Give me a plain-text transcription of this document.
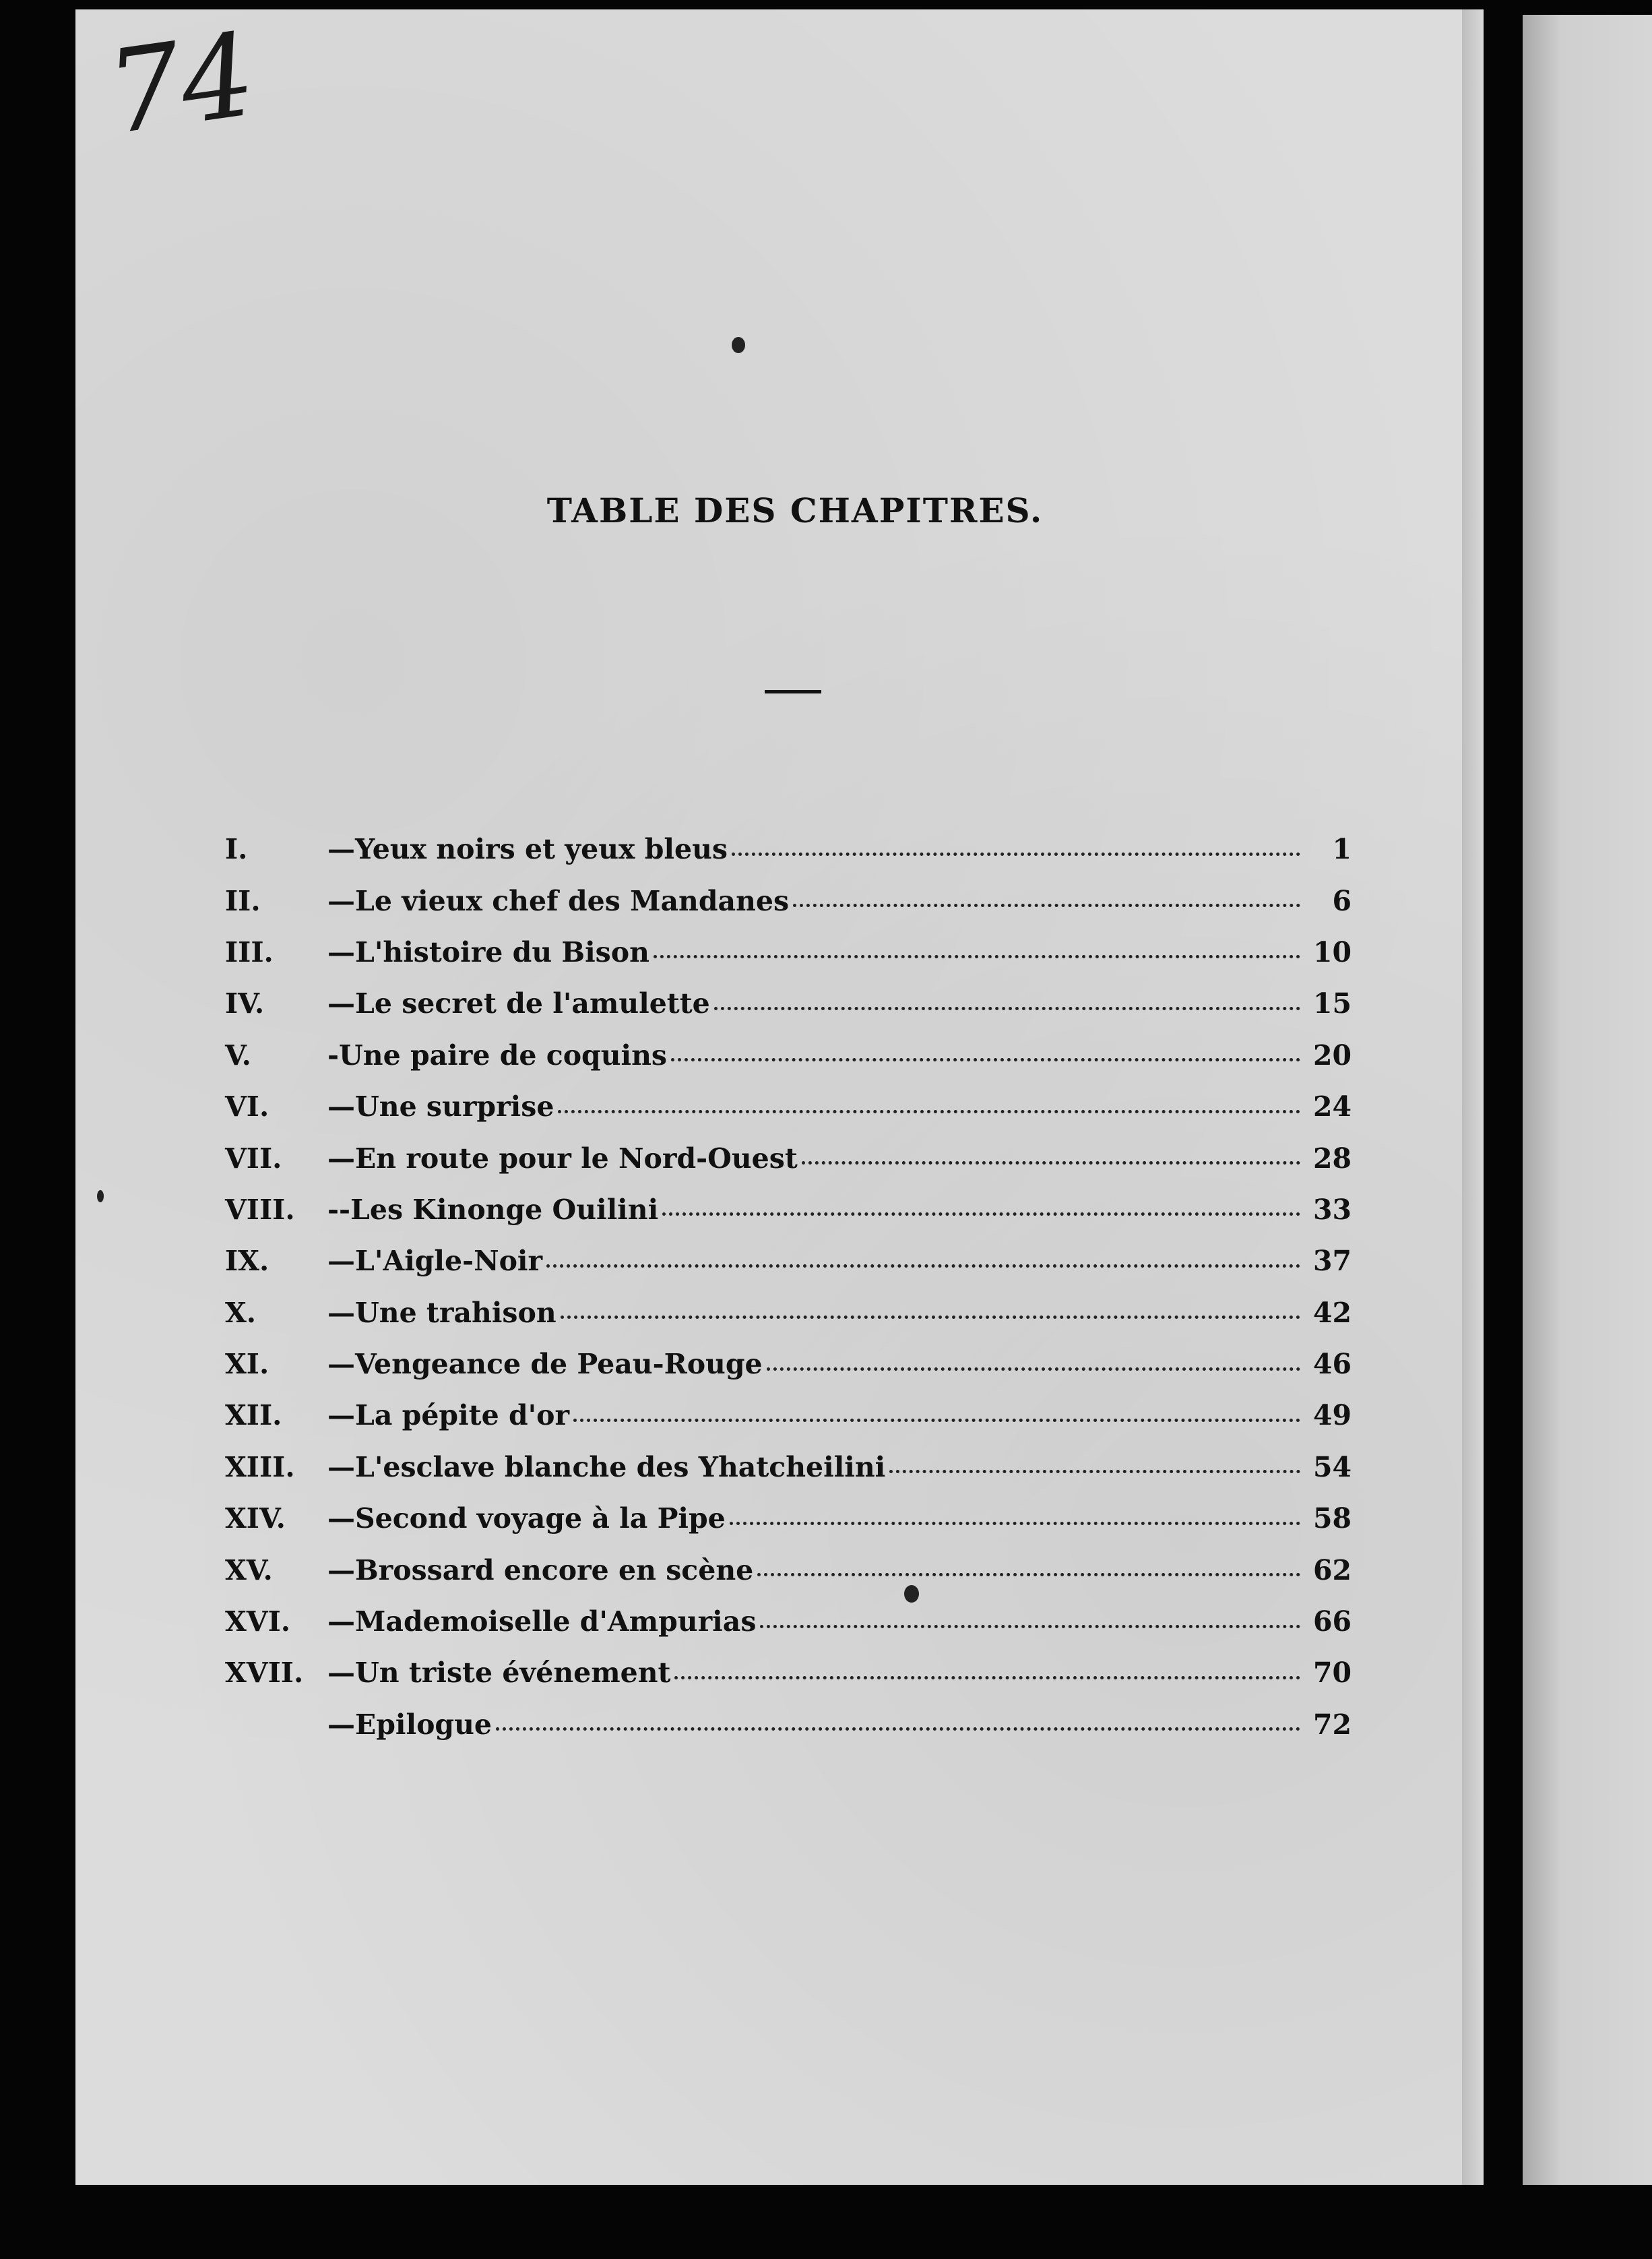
74

TABLE DES CHAPITRES.
I.	—Yeux noirs et yeux bleus	1
II.	—Le vieux chef des Mandanes	6
III.	—L'histoire du Bison	10
IV.	—Le secret de l'amulette	15
V.	-Une paire de coquins	20
VI.	—Une surprise	24
VII.	—En route pour le Nord-Ouest	28
VIII.	--Les Kinonge Ouilini	33
IX.	—L'Aigle-Noir	37
X.	—Une trahison	42
XI.	—Vengeance de Peau-Rouge	46
XII.	—La pépite d'or	49
XIII.	—L'esclave blanche des Yhatcheilini	54
XIV.	—Second voyage à la Pipe	58
XV.	—Brossard encore en scène	62
XVI.	—Mademoiselle d'Ampurias	66
XVII. —Un triste événement	70
—Epilogue	72
